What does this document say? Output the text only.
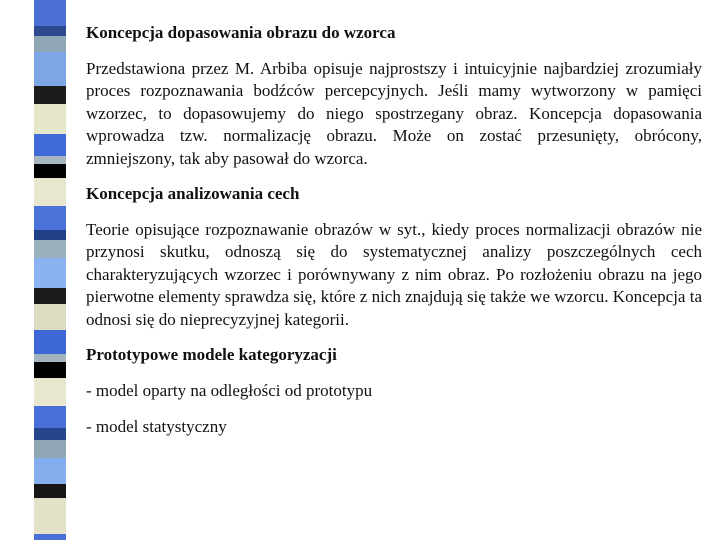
Koncepcja dopasowania obrazu do wzorca
Przedstawiona przez M. Arbiba opisuje najprostszy i intuicyjnie najbardziej zrozumiały proces rozpoznawania bodźców percepcyjnych. Jeśli mamy wytworzony w pamięci wzorzec, to dopasowujemy do niego spostrzegany obraz. Koncepcja dopasowania wprowadza tzw. normalizację obrazu. Może on zostać przesunięty, obrócony, zmniejszony, tak aby pasował do wzorca.
Koncepcja analizowania cech
Teorie opisujące rozpoznawanie obrazów w syt., kiedy proces normalizacji obrazów nie przynosi skutku, odnoszą się do systematycznej analizy poszczególnych cech charakteryzujących wzorzec i porównywany z nim obraz. Po rozłożeniu obrazu na jego pierwotne elementy sprawdza się, które z nich znajdują się także we wzorcu. Koncepcja ta odnosi się do nieprecyzyjnej kategorii.
Prototypowe modele kategoryzacji
- model oparty na odległości od prototypu
- model statystyczny
